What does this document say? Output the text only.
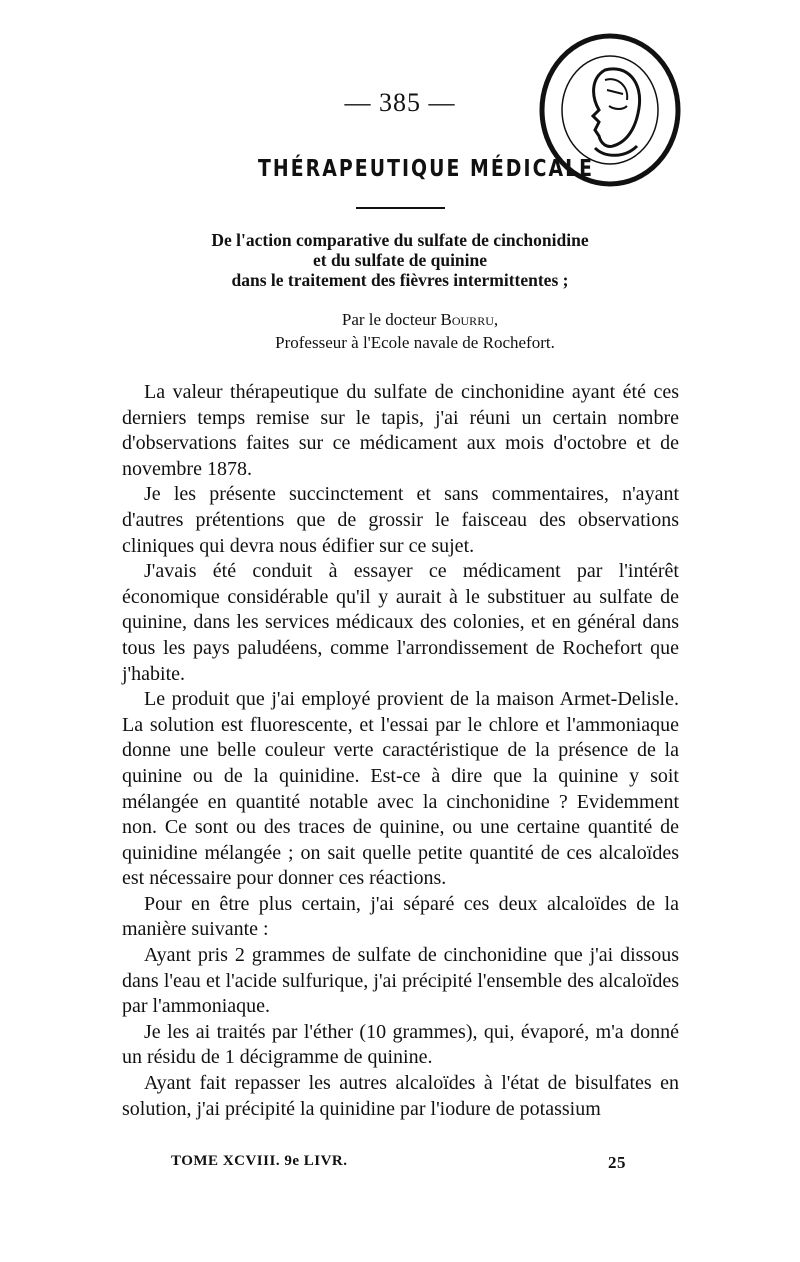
— 385 —
THÉRAPEUTIQUE MÉDICALE
De l'action comparative du sulfate de cinchonidine
et du sulfate de quinine
dans le traitement des fièvres intermittentes ;
Par le docteur Bourru,
Professeur à l'Ecole navale de Rochefort.

La valeur thérapeutique du sulfate de cinchonidine ayant été ces derniers temps remise sur le tapis, j'ai réuni un certain nombre d'observations faites sur ce médicament aux mois d'octobre et de novembre 1878.

Je les présente succinctement et sans commentaires, n'ayant d'autres prétentions que de grossir le faisceau des observations cliniques qui devra nous édifier sur ce sujet.

J'avais été conduit à essayer ce médicament par l'intérêt économique considérable qu'il y aurait à le substituer au sulfate de quinine, dans les services médicaux des colonies, et en général dans tous les pays paludéens, comme l'arrondissement de Rochefort que j'habite.

Le produit que j'ai employé provient de la maison Armet-Delisle. La solution est fluorescente, et l'essai par le chlore et l'ammoniaque donne une belle couleur verte caractéristique de la présence de la quinine ou de la quinidine. Est-ce à dire que la quinine y soit mélangée en quantité notable avec la cinchonidine ? Evidemment non. Ce sont ou des traces de quinine, ou une certaine quantité de quinidine mélangée ; on sait quelle petite quantité de ces alcaloïdes est nécessaire pour donner ces réactions.

Pour en être plus certain, j'ai séparé ces deux alcaloïdes de la manière suivante :

Ayant pris 2 grammes de sulfate de cinchonidine que j'ai dissous dans l'eau et l'acide sulfurique, j'ai précipité l'ensemble des alcaloïdes par l'ammoniaque.

Je les ai traités par l'éther (10 grammes), qui, évaporé, m'a donné un résidu de 1 décigramme de quinine.

Ayant fait repasser les autres alcaloïdes à l'état de bisulfates en solution, j'ai précipité la quinidine par l'iodure de potassium

TOME XCVIII. 9e LIVR.	25
